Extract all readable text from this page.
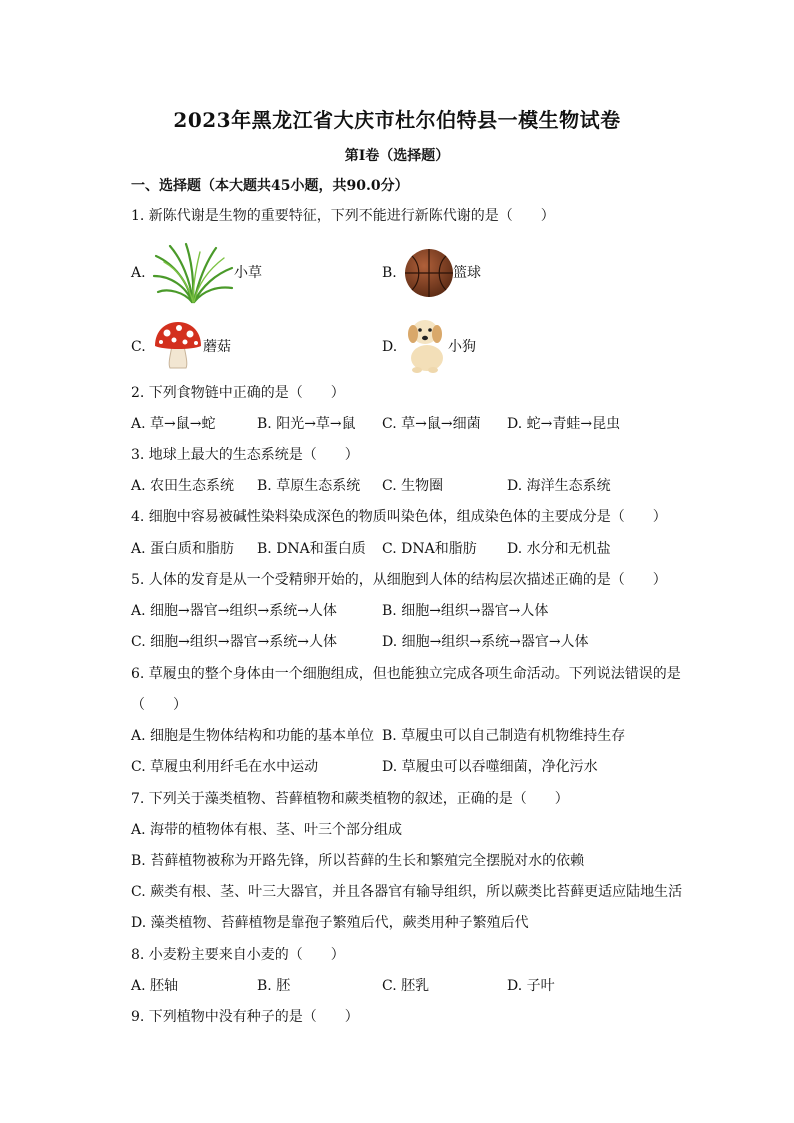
2023年黑龙江省大庆市杜尔伯特县一模生物试卷
第Ⅰ卷（选择题）
一、选择题（本大题共45小题，共90.0分）
1. 新陈代谢是生物的重要特征，下列不能进行新陈代谢的是（　　）
A.	小草	B.	篮球
C.	蘑菇	D.	小狗
2. 下列食物链中正确的是（　　）
A. 草→鼠→蛇	B. 阳光→草→鼠 C. 草→鼠→细菌 D. 蛇→青蛙→昆虫
3. 地球上最大的生态系统是（　　）
A. 农田生态系统 B. 草原生态系统 C. 生物圈	D. 海洋生态系统
4. 细胞中容易被碱性染料染成深色的物质叫染色体，组成染色体的主要成分是（　　）
A. 蛋白质和脂肪 B. DNA和蛋白质 C. DNA和脂肪 D. 水分和无机盐
5. 人体的发育是从一个受精卵开始的，从细胞到人体的结构层次描述正确的是（　　）
A. 细胞→器官→组织→系统→人体	B. 细胞→组织→器官→人体
C. 细胞→组织→器官→系统→人体	D. 细胞→组织→系统→器官→人体
6. 草履虫的整个身体由一个细胞组成，但也能独立完成各项生命活动。下列说法错误的是
（　　）
A. 细胞是生物体结构和功能的基本单位 B. 草履虫可以自己制造有机物维持生存
C. 草履虫利用纤毛在水中运动	D. 草履虫可以吞噬细菌，净化污水
7. 下列关于藻类植物、苔藓植物和蕨类植物的叙述，正确的是（　　）
A. 海带的植物体有根、茎、叶三个部分组成
B. 苔藓植物被称为开路先锋，所以苔藓的生长和繁殖完全摆脱对水的依赖
C. 蕨类有根、茎、叶三大器官，并且各器官有输导组织，所以蕨类比苔藓更适应陆地生活
D. 藻类植物、苔藓植物是靠孢子繁殖后代，蕨类用种子繁殖后代
8. 小麦粉主要来自小麦的（　　）
A. 胚轴	B. 胚	C. 胚乳	D. 子叶
9. 下列植物中没有种子的是（　　）
